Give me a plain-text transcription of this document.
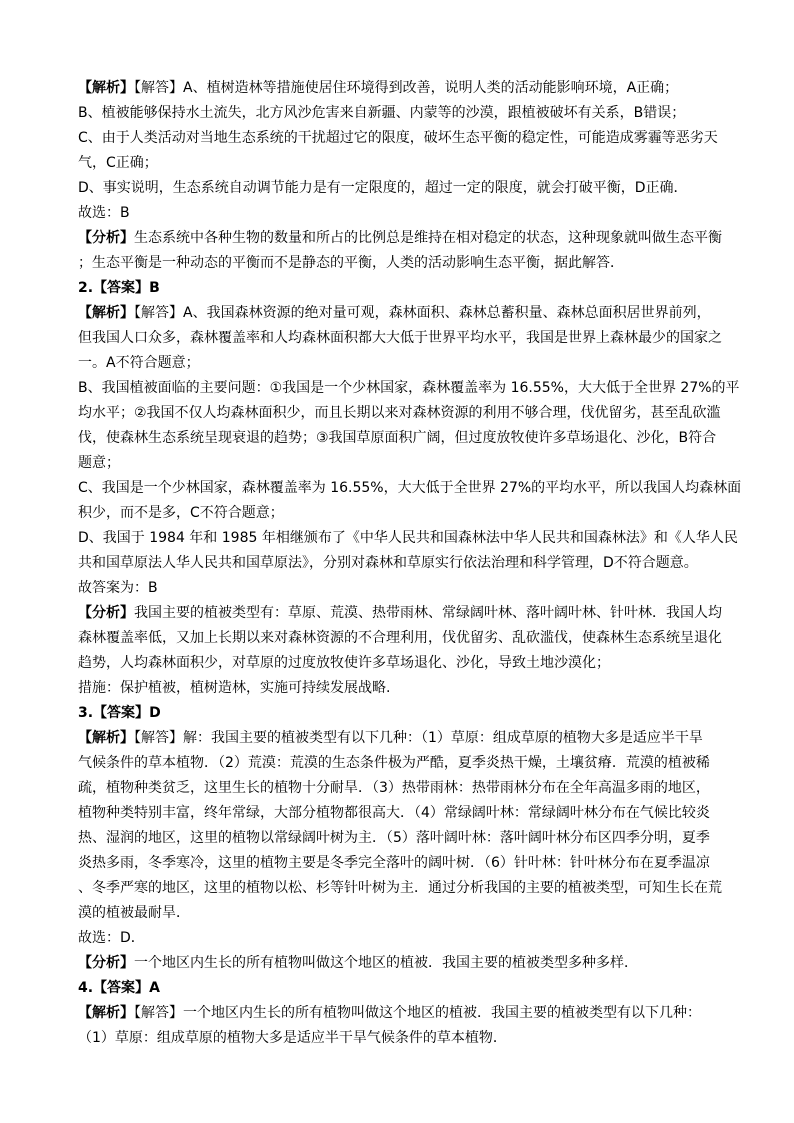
【解析】【解答】A、植树造林等措施使居住环境得到改善，说明人类的活动能影响环境，A正确；
B、植被能够保持水土流失，北方风沙危害来自新疆、内蒙等的沙漠，跟植被破坏有关系，B错误；
C、由于人类活动对当地生态系统的干扰超过它的限度，破坏生态平衡的稳定性，可能造成雾霾等恶劣天
气，C正确；
D、事实说明，生态系统自动调节能力是有一定限度的，超过一定的限度，就会打破平衡，D正确．
故选：B
【分析】生态系统中各种生物的数量和所占的比例总是维持在相对稳定的状态，这种现象就叫做生态平衡
；生态平衡是一种动态的平衡而不是静态的平衡，人类的活动影响生态平衡，据此解答．
2.【答案】B
【解析】【解答】A、我国森林资源的绝对量可观，森林面积、森林总蓄积量、森林总面积居世界前列，
但我国人口众多，森林覆盖率和人均森林面积都大大低于世界平均水平，我国是世界上森林最少的国家之
一。A不符合题意；
B、我国植被面临的主要问题：①我国是一个少林国家，森林覆盖率为 16.55%，大大低于全世界 27%的平
均水平；②我国不仅人均森林面积少，而且长期以来对森林资源的利用不够合理，伐优留劣，甚至乱砍滥
伐，使森林生态系统呈现衰退的趋势；③我国草原面积广阔，但过度放牧使许多草场退化、沙化，B符合
题意；
C、我国是一个少林国家，森林覆盖率为 16.55%，大大低于全世界 27%的平均水平，所以我国人均森林面
积少，而不是多，C不符合题意；
D、我国于 1984 年和 1985 年相继颁布了《中华人民共和国森林法中华人民共和国森林法》和《人华人民
共和国草原法人华人民共和国草原法》，分别对森林和草原实行依法治理和科学管理，D不符合题意。
故答案为：B
【分析】我国主要的植被类型有：草原、荒漠、热带雨林、常绿阔叶林、落叶阔叶林、针叶林．我国人均
森林覆盖率低，又加上长期以来对森林资源的不合理利用，伐优留劣、乱砍滥伐，使森林生态系统呈退化
趋势，人均森林面积少，对草原的过度放牧使许多草场退化、沙化，导致土地沙漠化；
措施：保护植被，植树造林，实施可持续发展战略.
3.【答案】D
【解析】【解答】解：我国主要的植被类型有以下几种：（1）草原：组成草原的植物大多是适应半干旱
气候条件的草本植物．（2）荒漠：荒漠的生态条件极为严酷，夏季炎热干燥，土壤贫瘠．荒漠的植被稀
疏，植物种类贫乏，这里生长的植物十分耐旱．（3）热带雨林：热带雨林分布在全年高温多雨的地区，
植物种类特别丰富，终年常绿，大部分植物都很高大．（4）常绿阔叶林：常绿阔叶林分布在气候比较炎
热、湿润的地区，这里的植物以常绿阔叶树为主．（5）落叶阔叶林：落叶阔叶林分布区四季分明，夏季
炎热多雨，冬季寒冷，这里的植物主要是冬季完全落叶的阔叶树．（6）针叶林：针叶林分布在夏季温凉
、冬季严寒的地区，这里的植物以松、杉等针叶树为主．通过分析我国的主要的植被类型，可知生长在荒
漠的植被最耐旱．
故选：D．
【分析】一个地区内生长的所有植物叫做这个地区的植被．我国主要的植被类型多种多样．
4.【答案】A
【解析】【解答】一个地区内生长的所有植物叫做这个地区的植被．我国主要的植被类型有以下几种：
（1）草原：组成草原的植物大多是适应半干旱气候条件的草本植物．
